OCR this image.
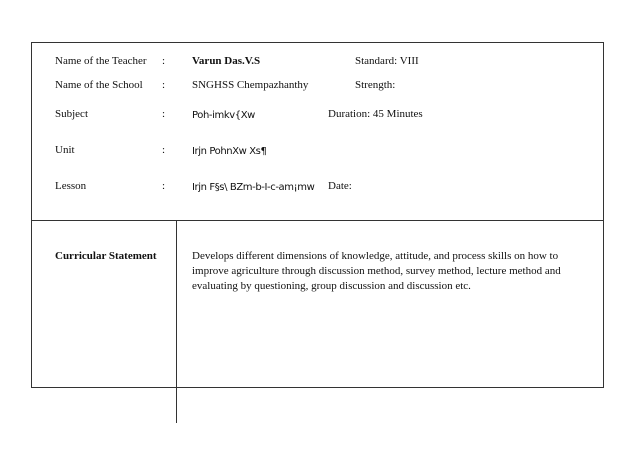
Name of the Teacher : Varun Das.V.S	Standard: VIII
Name of the School : SNGHSS Chempazhanthy	Strength:
Subject	:	Poh-imkv{Xw	Duration: 45 Minutes
Unit	:	Irjn PohnXw Xs¶
Lesson	:	Irjn F§s\ BZm-b-I-c-am¡mw Date:
Curricular Statement	Develops different dimensions of knowledge, attitude, and process skills on how to improve agriculture through discussion method, survey method, lecture method and evaluating by questioning, group discussion and discussion etc.
